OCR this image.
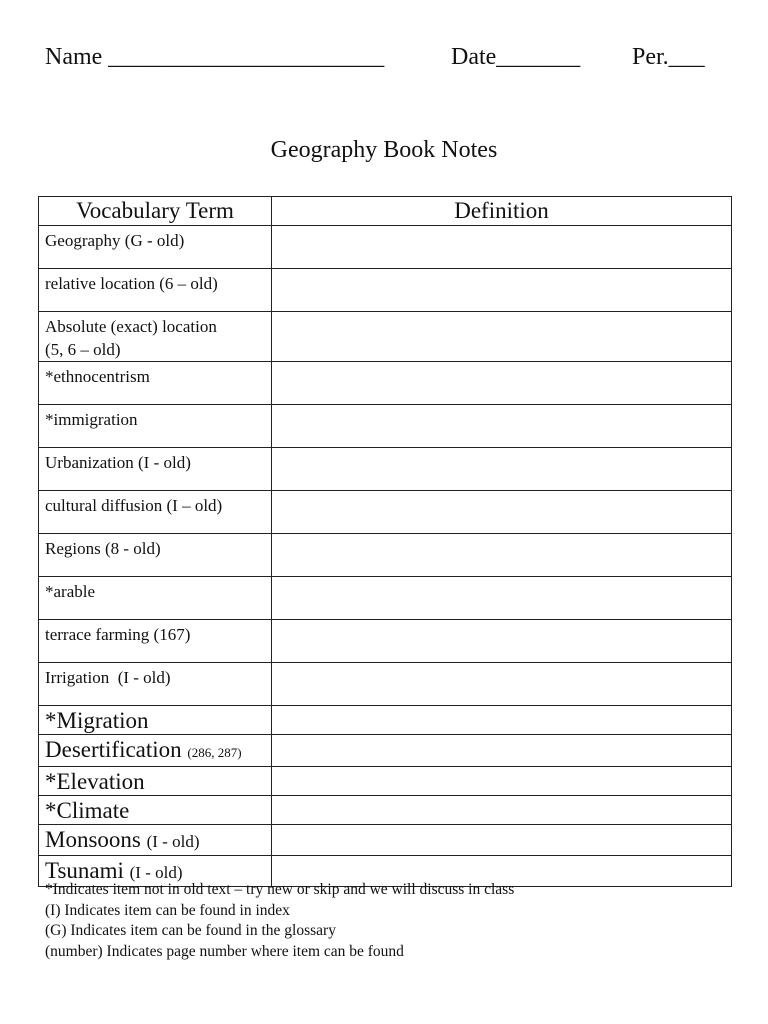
Name _______________________	Date_______ Per.___
Geography Book Notes
Vocabulary Term	Definition
Geography (G - old)	
relative location (6 – old)	
Absolute (exact) location
(5, 6 – old)	
*ethnocentrism	
*immigration	
Urbanization (I - old)	
cultural diffusion (I – old)	
Regions (8 - old)	
*arable	
terrace farming (167)	
Irrigation  (I - old)	
*Migration	
Desertification (286, 287)	
*Elevation	
*Climate	
Monsoons (I - old)	
Tsunami (I - old)	
*Indicates item not in old text – try new or skip and we will discuss in class
(I) Indicates item can be found in index
(G) Indicates item can be found in the glossary
(number) Indicates page number where item can be found
